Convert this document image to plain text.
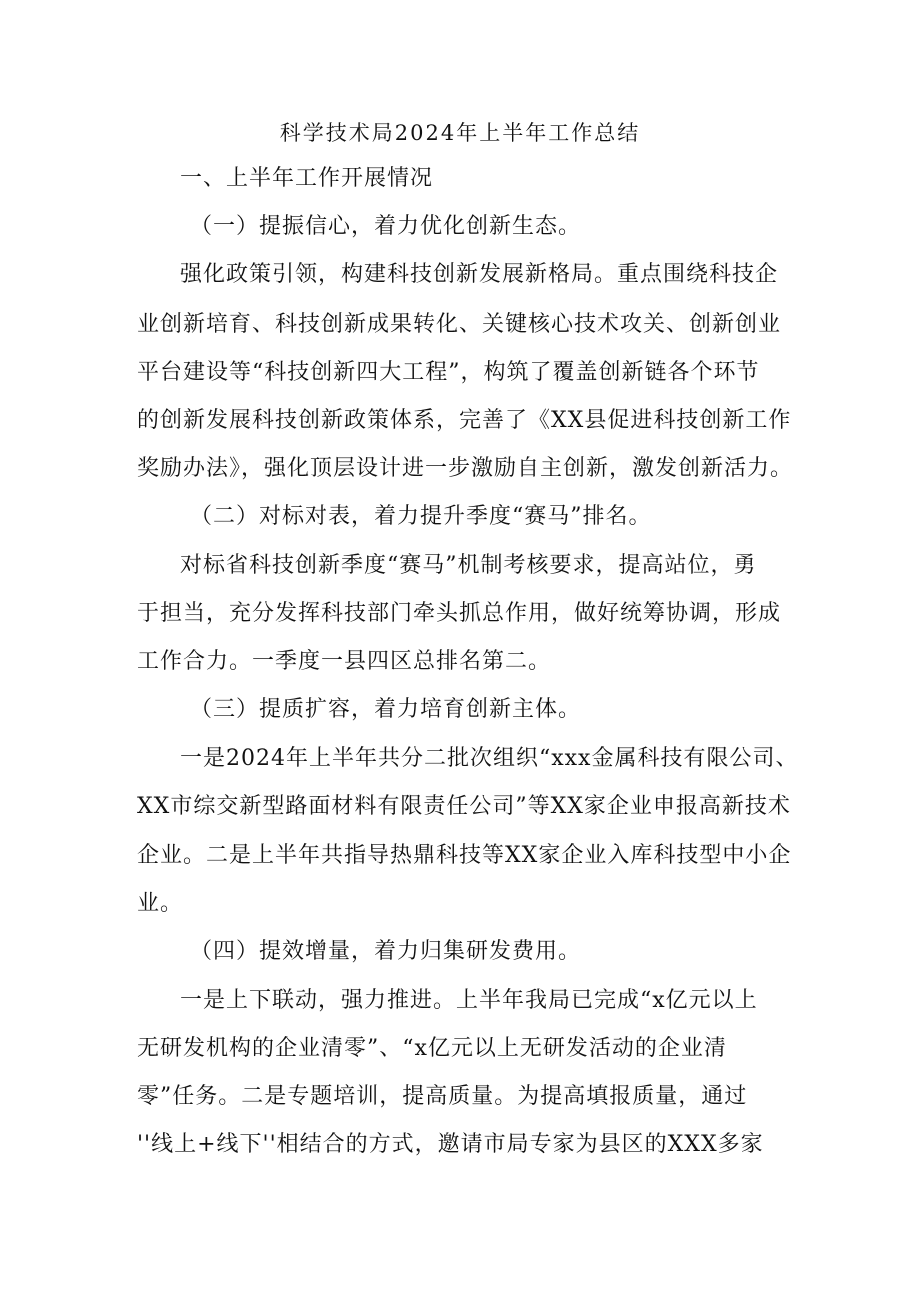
科学技术局2024年上半年工作总结
一、上半年工作开展情况
（一）提振信心，着力优化创新生态。
强化政策引领，构建科技创新发展新格局。重点围绕科技企
业创新培育、科技创新成果转化、关键核心技术攻关、创新创业
平台建设等“科技创新四大工程”，构筑了覆盖创新链各个环节
的创新发展科技创新政策体系，完善了《XX县促进科技创新工作
奖励办法》，强化顶层设计进一步激励自主创新，激发创新活力。
（二）对标对表，着力提升季度“赛马”排名。
对标省科技创新季度“赛马”机制考核要求，提高站位，勇
于担当，充分发挥科技部门牵头抓总作用，做好统筹协调，形成
工作合力。一季度一县四区总排名第二。
（三）提质扩容，着力培育创新主体。
一是2024年上半年共分二批次组织“xxx金属科技有限公司、
XX市综交新型路面材料有限责任公司”等XX家企业申报高新技术
企业。二是上半年共指导热鼎科技等XX家企业入库科技型中小企
业。
（四）提效增量，着力归集研发费用。
一是上下联动，强力推进。上半年我局已完成“x亿元以上
无研发机构的企业清零”、“x亿元以上无研发活动的企业清
零”任务。二是专题培训，提高质量。为提高填报质量，通过
''线上+线下''相结合的方式，邀请市局专家为县区的XXX多家
